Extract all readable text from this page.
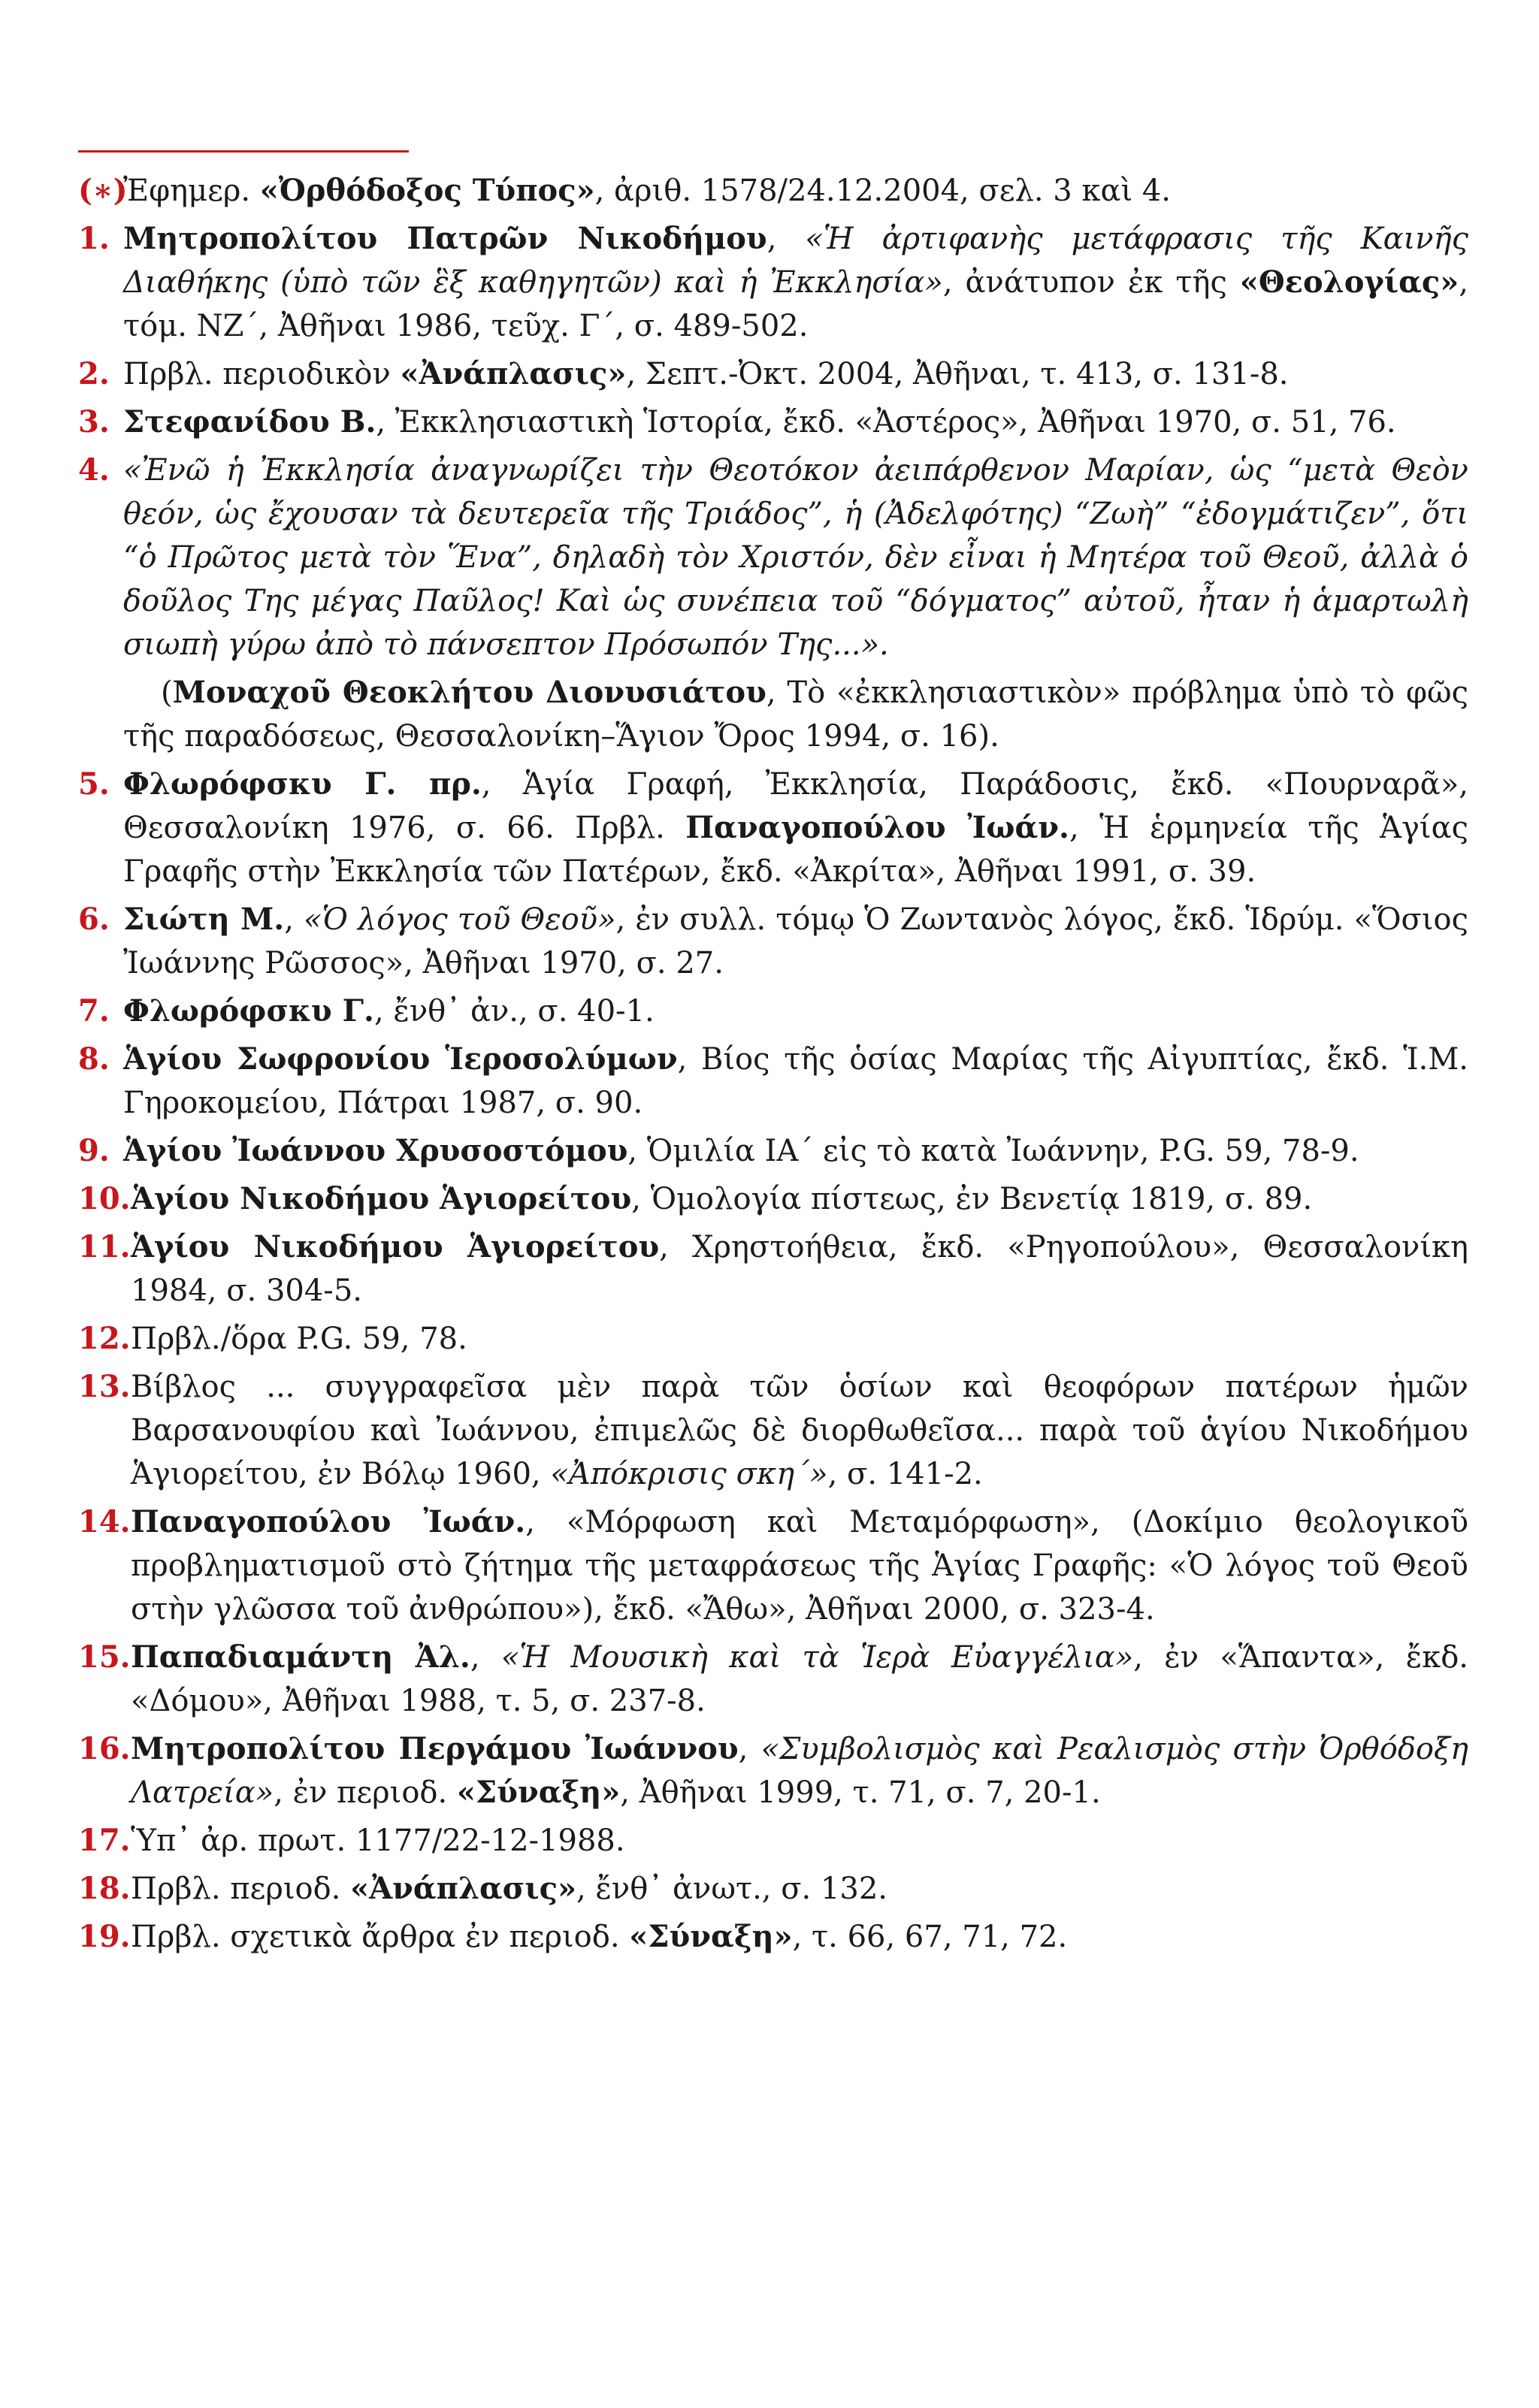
(∗)
Ἐφημερ. «Ὀρθόδοξος Τύπος», ἀριθ. 1578/24.12.2004, σελ. 3 καὶ 4.
1. Μητροπολίτου Πατρῶν Νικοδήμου, «Ἡ ἀρτιφανὴς μετάφρασις τῆς Καινῆς Διαθήκης (ὑπὸ τῶν ἓξ καθηγητῶν) καὶ ἡ Ἐκκλησία», ἀνάτυπον ἐκ τῆς «Θεολογίας», τόμ. ΝΖ΄, Ἀθῆναι 1986, τεῦχ. Γ΄, σ. 489-502.
2. Πρβλ. περιοδικὸν «Ἀνάπλασις», Σεπτ.-Ὀκτ. 2004, Ἀθῆναι, τ. 413, σ. 131-8.
3. Στεφανίδου Β., Ἐκκλησιαστικὴ Ἱστορία, ἔκδ. «Ἀστέρος», Ἀθῆναι 1970, σ. 51, 76.
4. «Ἐνῶ ἡ Ἐκκλησία ἀναγνωρίζει τὴν Θεοτόκον ἀειπάρθενον Μαρίαν, ὡς “μετὰ Θεὸν θεόν, ὡς ἔχουσαν τὰ δευτερεῖα τῆς Τριάδος”, ἡ (Ἀδελφότης) “Ζωὴ” “ἐδογμάτιζεν”, ὅτι “ὁ Πρῶτος μετὰ τὸν Ἕνα”, δηλαδὴ τὸν Χριστόν, δὲν εἶναι ἡ Μητέρα τοῦ Θεοῦ, ἀλλὰ ὁ δοῦλος Της μέγας Παῦλος! Καὶ ὡς συνέπεια τοῦ “δόγματος” αὐτοῦ, ἦταν ἡ ἁμαρτωλὴ σιωπὴ γύρω ἀπὸ τὸ πάνσεπτον Πρόσωπόν Της...».
(Μοναχοῦ Θεοκλήτου Διονυσιάτου, Τὸ «ἐκκλησιαστικὸν» πρόβλημα ὑπὸ τὸ φῶς τῆς παραδόσεως, Θεσσαλονίκη–Ἅγιον Ὄρος 1994, σ. 16).
5. Φλωρόφσκυ Γ. πρ., Ἁγία Γραφή, Ἐκκλησία, Παράδοσις, ἔκδ. «Πουρναρᾶ», Θεσσαλονίκη 1976, σ. 66. Πρβλ. Παναγοπούλου Ἰωάν., Ἡ ἑρμηνεία τῆς Ἁγίας Γραφῆς στὴν Ἐκκλησία τῶν Πατέρων, ἔκδ. «Ἀκρίτα», Ἀθῆναι 1991, σ. 39.
6. Σιώτη Μ., «Ὁ λόγος τοῦ Θεοῦ», ἐν συλλ. τόμῳ Ὁ Ζωντανὸς λόγος, ἔκδ. Ἱδρύμ. «Ὅσιος Ἰωάννης Ρῶσσος», Ἀθῆναι 1970, σ. 27.
7. Φλωρόφσκυ Γ., ἔνθ᾽ ἀν., σ. 40-1.
8. Ἁγίου Σωφρονίου Ἱεροσολύμων, Βίος τῆς ὁσίας Μαρίας τῆς Αἰγυπτίας, ἔκδ. Ἱ.Μ. Γηροκομείου, Πάτραι 1987, σ. 90.
9. Ἁγίου Ἰωάννου Χρυσοστόμου, Ὁμιλία ΙΑ΄ εἰς τὸ κατὰ Ἰωάννην, P.G. 59, 78-9.
10. Ἁγίου Νικοδήμου Ἁγιορείτου, Ὁμολογία πίστεως, ἐν Βενετίᾳ 1819, σ. 89.
11. Ἁγίου Νικοδήμου Ἁγιορείτου, Χρηστοήθεια, ἔκδ. «Ρηγοπούλου», Θεσσαλονίκη 1984, σ. 304-5.
12. Πρβλ./ὅρα P.G. 59, 78.
13. Βίβλος ... συγγραφεῖσα μὲν παρὰ τῶν ὁσίων καὶ θεοφόρων πατέρων ἡμῶν Βαρσανουφίου καὶ Ἰωάννου, ἐπιμελῶς δὲ διορθωθεῖσα... παρὰ τοῦ ἁγίου Νικοδήμου Ἁγιορείτου, ἐν Βόλῳ 1960, «Ἀπόκρισις σκη΄», σ. 141-2.
14. Παναγοπούλου Ἰωάν., «Μόρφωση καὶ Μεταμόρφωση», (Δοκίμιο θεολογικοῦ προβληματισμοῦ στὸ ζήτημα τῆς μεταφράσεως τῆς Ἁγίας Γραφῆς: «Ὁ λόγος τοῦ Θεοῦ στὴν γλῶσσα τοῦ ἀνθρώπου»), ἔκδ. «Ἄθω», Ἀθῆναι 2000, σ. 323-4.
15. Παπαδιαμάντη Ἀλ., «Ἡ Μουσικὴ καὶ τὰ Ἱερὰ Εὐαγγέλια», ἐν «Ἅπαντα», ἔκδ. «Δόμου», Ἀθῆναι 1988, τ. 5, σ. 237-8.
16. Μητροπολίτου Περγάμου Ἰωάννου, «Συμβολισμὸς καὶ Ρεαλισμὸς στὴν Ὀρθόδοξη Λατρεία», ἐν περιοδ. «Σύναξη», Ἀθῆναι 1999, τ. 71, σ. 7, 20-1.
17. Ὑπ᾽ ἀρ. πρωτ. 1177/22-12-1988.
18. Πρβλ. περιοδ. «Ἀνάπλασις», ἔνθ᾽ ἀνωτ., σ. 132.
19. Πρβλ. σχετικὰ ἄρθρα ἐν περιοδ. «Σύναξη», τ. 66, 67, 71, 72.
